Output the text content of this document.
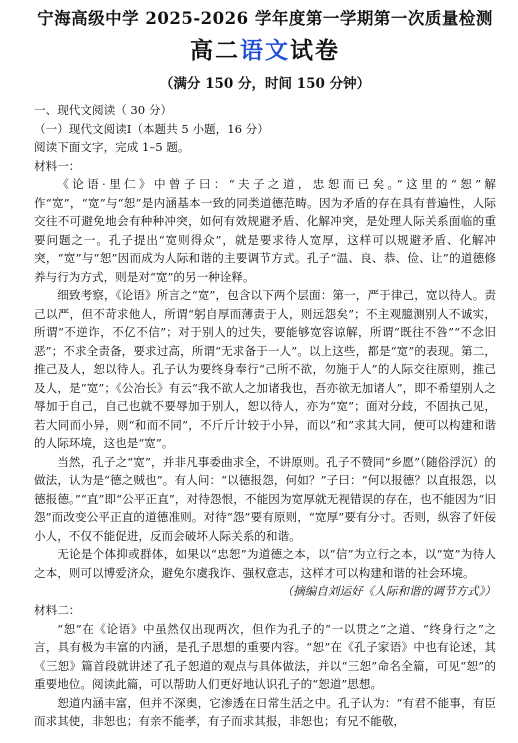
宁海高级中学 2025-2026 学年度第一学期第一次质量检测
高二语文试卷
（满分 150 分，时间 150 分钟）

一、现代文阅读（ 30 分）

（一）现代文阅读Ⅰ（本题共 5 小题，16 分）

阅读下面文字，完成 1–5 题。

材料一：

《论语·里仁》中曾子曰：“夫子之道，忠恕而已矣。”这里的“恕”解作“宽”，“宽”与“恕”是内涵基本一致的同类道德范畴。因为矛盾的存在具有普遍性，人际交往不可避免地会有种种冲突，如何有效规避矛盾、化解冲突，是处理人际关系面临的重要问题之一。孔子提出“宽则得众”，就是要求待人宽厚，这样可以规避矛盾、化解冲突，“宽”与“恕”因而成为人际和谐的主要调节方式。孔子“温、良、恭、俭、让”的道德修养与行为方式，则是对“宽”的另一种诠释。

细致考察，《论语》所言之“宽”，包含以下两个层面：第一，严于律己，宽以待人。责己以严，但不苛求他人，所谓“躬自厚而薄责于人，则远怨矣”；不主观臆测别人不诚实，所谓“不逆诈，不亿不信”；对于别人的过失，要能够宽容谅解，所谓“既往不咎”“不念旧恶”；不求全责备，要求过高，所谓“无求备于一人”。以上这些，都是“宽”的表现。第二，推己及人，恕以待人。孔子认为要终身奉行“己所不欲，勿施于人”的人际交往原则，推己及人，是“宽”；《公冶长》有云“我不欲人之加诸我也，吾亦欲无加诸人”，即不希望别人之辱加于自己，自己也就不要辱加于别人，恕以待人，亦为“宽”；面对分歧，不固执己见，若大同而小异，则“和而不同”，不斤斤计较于小异，而以“和”求其大同，便可以构建和谐的人际环境，这也是“宽”。

当然，孔子之“宽”，并非凡事委曲求全，不讲原则。孔子不赞同“乡愿”（随俗浮沉）的做法，认为是“德之贼也”。有人问：“以德报怨，何如？”子曰：“何以报德？以直报怨，以德报德。”“直”即“公平正直”，对待怨恨，不能因为宽厚就无视错误的存在，也不能因为“旧怨”而改变公平正直的道德准则。对待“怨”要有原则，“宽厚”要有分寸。否则，纵容了奸佞小人，不仅不能促进，反而会破坏人际关系的和谐。

无论是个体抑或群体，如果以“忠恕”为道德之本，以“信”为立行之本，以“宽”为待人之本，则可以博爱济众，避免尔虞我诈、强权意志，这样才可以构建和谐的社会环境。

（摘编自刘运好《人际和谐的调节方式》）

材料二：

“恕”在《论语》中虽然仅出现两次，但作为孔子的“一以贯之”之道、“终身行之”之言，具有极为丰富的内涵，是孔子思想的重要内容。“恕”在《孔子家语》中也有论述，其《三恕》篇首段就讲述了孔子恕道的观点与具体做法，并以“三恕”命名全篇，可见“恕”的重要地位。阅读此篇，可以帮助人们更好地认识孔子的“恕道”思想。

恕道内涵丰富，但并不深奥，它渗透在日常生活之中。孔子认为：“有君不能事，有臣而求其使，非恕也；有亲不能孝，有子而求其报，非恕也；有兄不能敬，
